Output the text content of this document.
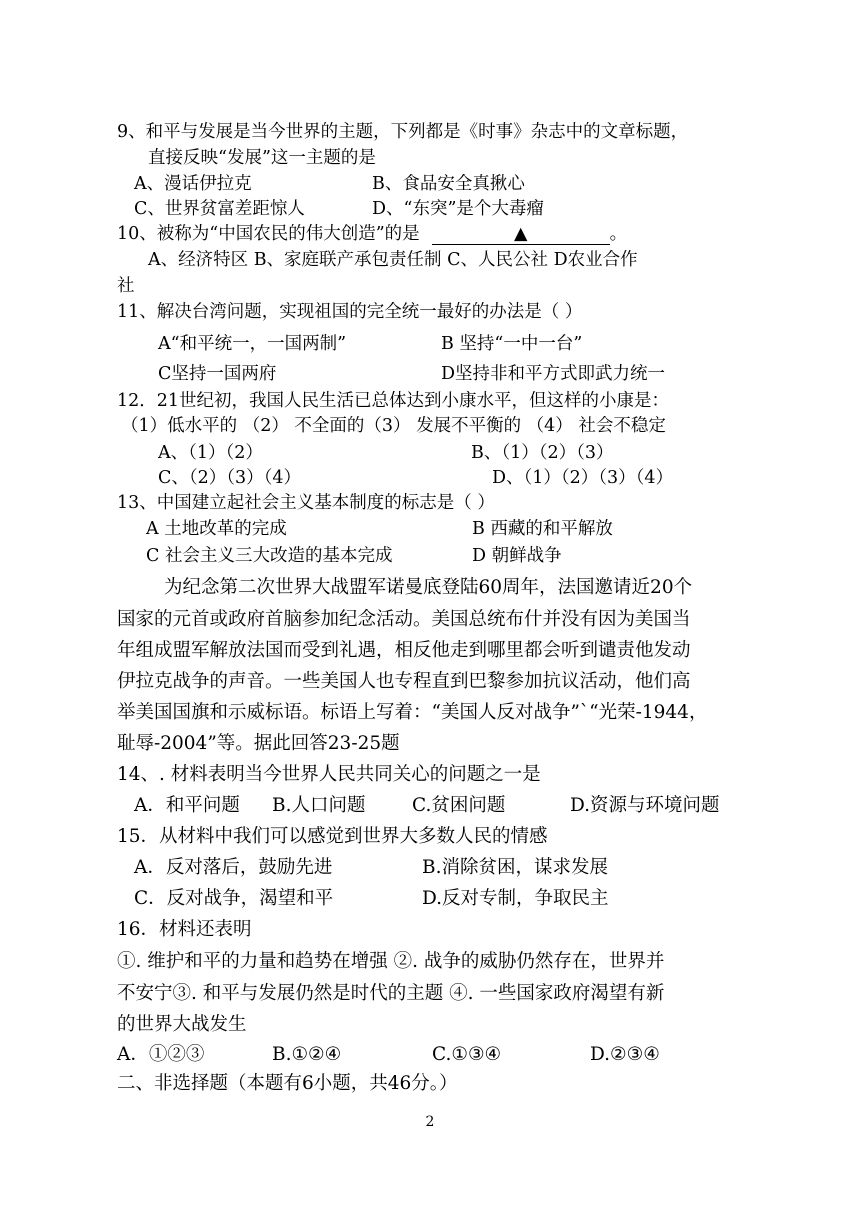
9、和平与发展是当今世界的主题，下列都是《时事》杂志中的文章标题，
直接反映“发展”这一主题的是
A、漫话伊拉克	B、食品安全真揪心
C、世界贫富差距惊人	D、“东突”是个大毒瘤
10、被称为“中国农民的伟大创造”的是	▲	。
A、经济特区 B、家庭联产承包责任制 C、人民公社 D农业合作
社
11、解决台湾问题，实现祖国的完全统一最好的办法是（ ）
A“和平统一，一国两制”	B 坚持“一中一台”
C坚持一国两府	D坚持非和平方式即武力统一
12．21世纪初，我国人民生活已总体达到小康水平，但这样的小康是：
（1）低水平的 （2） 不全面的（3） 发展不平衡的 （4） 社会不稳定
A、（1）（2）	B、（1）（2）（3）
C、（2）（3）（4）	D、（1）（2）（3）（4）
13、中国建立起社会主义基本制度的标志是（ ）
A 土地改革的完成	B 西藏的和平解放
C 社会主义三大改造的基本完成	D 朝鲜战争
为纪念第二次世界大战盟军诺曼底登陆60周年，法国邀请近20个
国家的元首或政府首脑参加纪念活动。美国总统布什并没有因为美国当
年组成盟军解放法国而受到礼遇，相反他走到哪里都会听到谴责他发动
伊拉克战争的声音。一些美国人也专程直到巴黎参加抗议活动，他们高
举美国国旗和示威标语。标语上写着：“美国人反对战争”`“光荣-1944，
耻辱-2004”等。据此回答23-25题
14、. 材料表明当今世界人民共同关心的问题之一是
A．和平问题 B.人口问题	C.贫困问题	D.资源与环境问题
15．从材料中我们可以感觉到世界大多数人民的情感
A．反对落后，鼓励先进	B.消除贫困，谋求发展
C．反对战争，渴望和平	D.反对专制，争取民主
16．材料还表明
①. 维护和平的力量和趋势在增强 ②. 战争的威胁仍然存在，世界并
不安宁③. 和平与发展仍然是时代的主题 ④. 一些国家政府渴望有新
的世界大战发生
A．①②③	B.①②④	C.①③④	D.②③④
二、非选择题（本题有6小题，共46分。）
2
